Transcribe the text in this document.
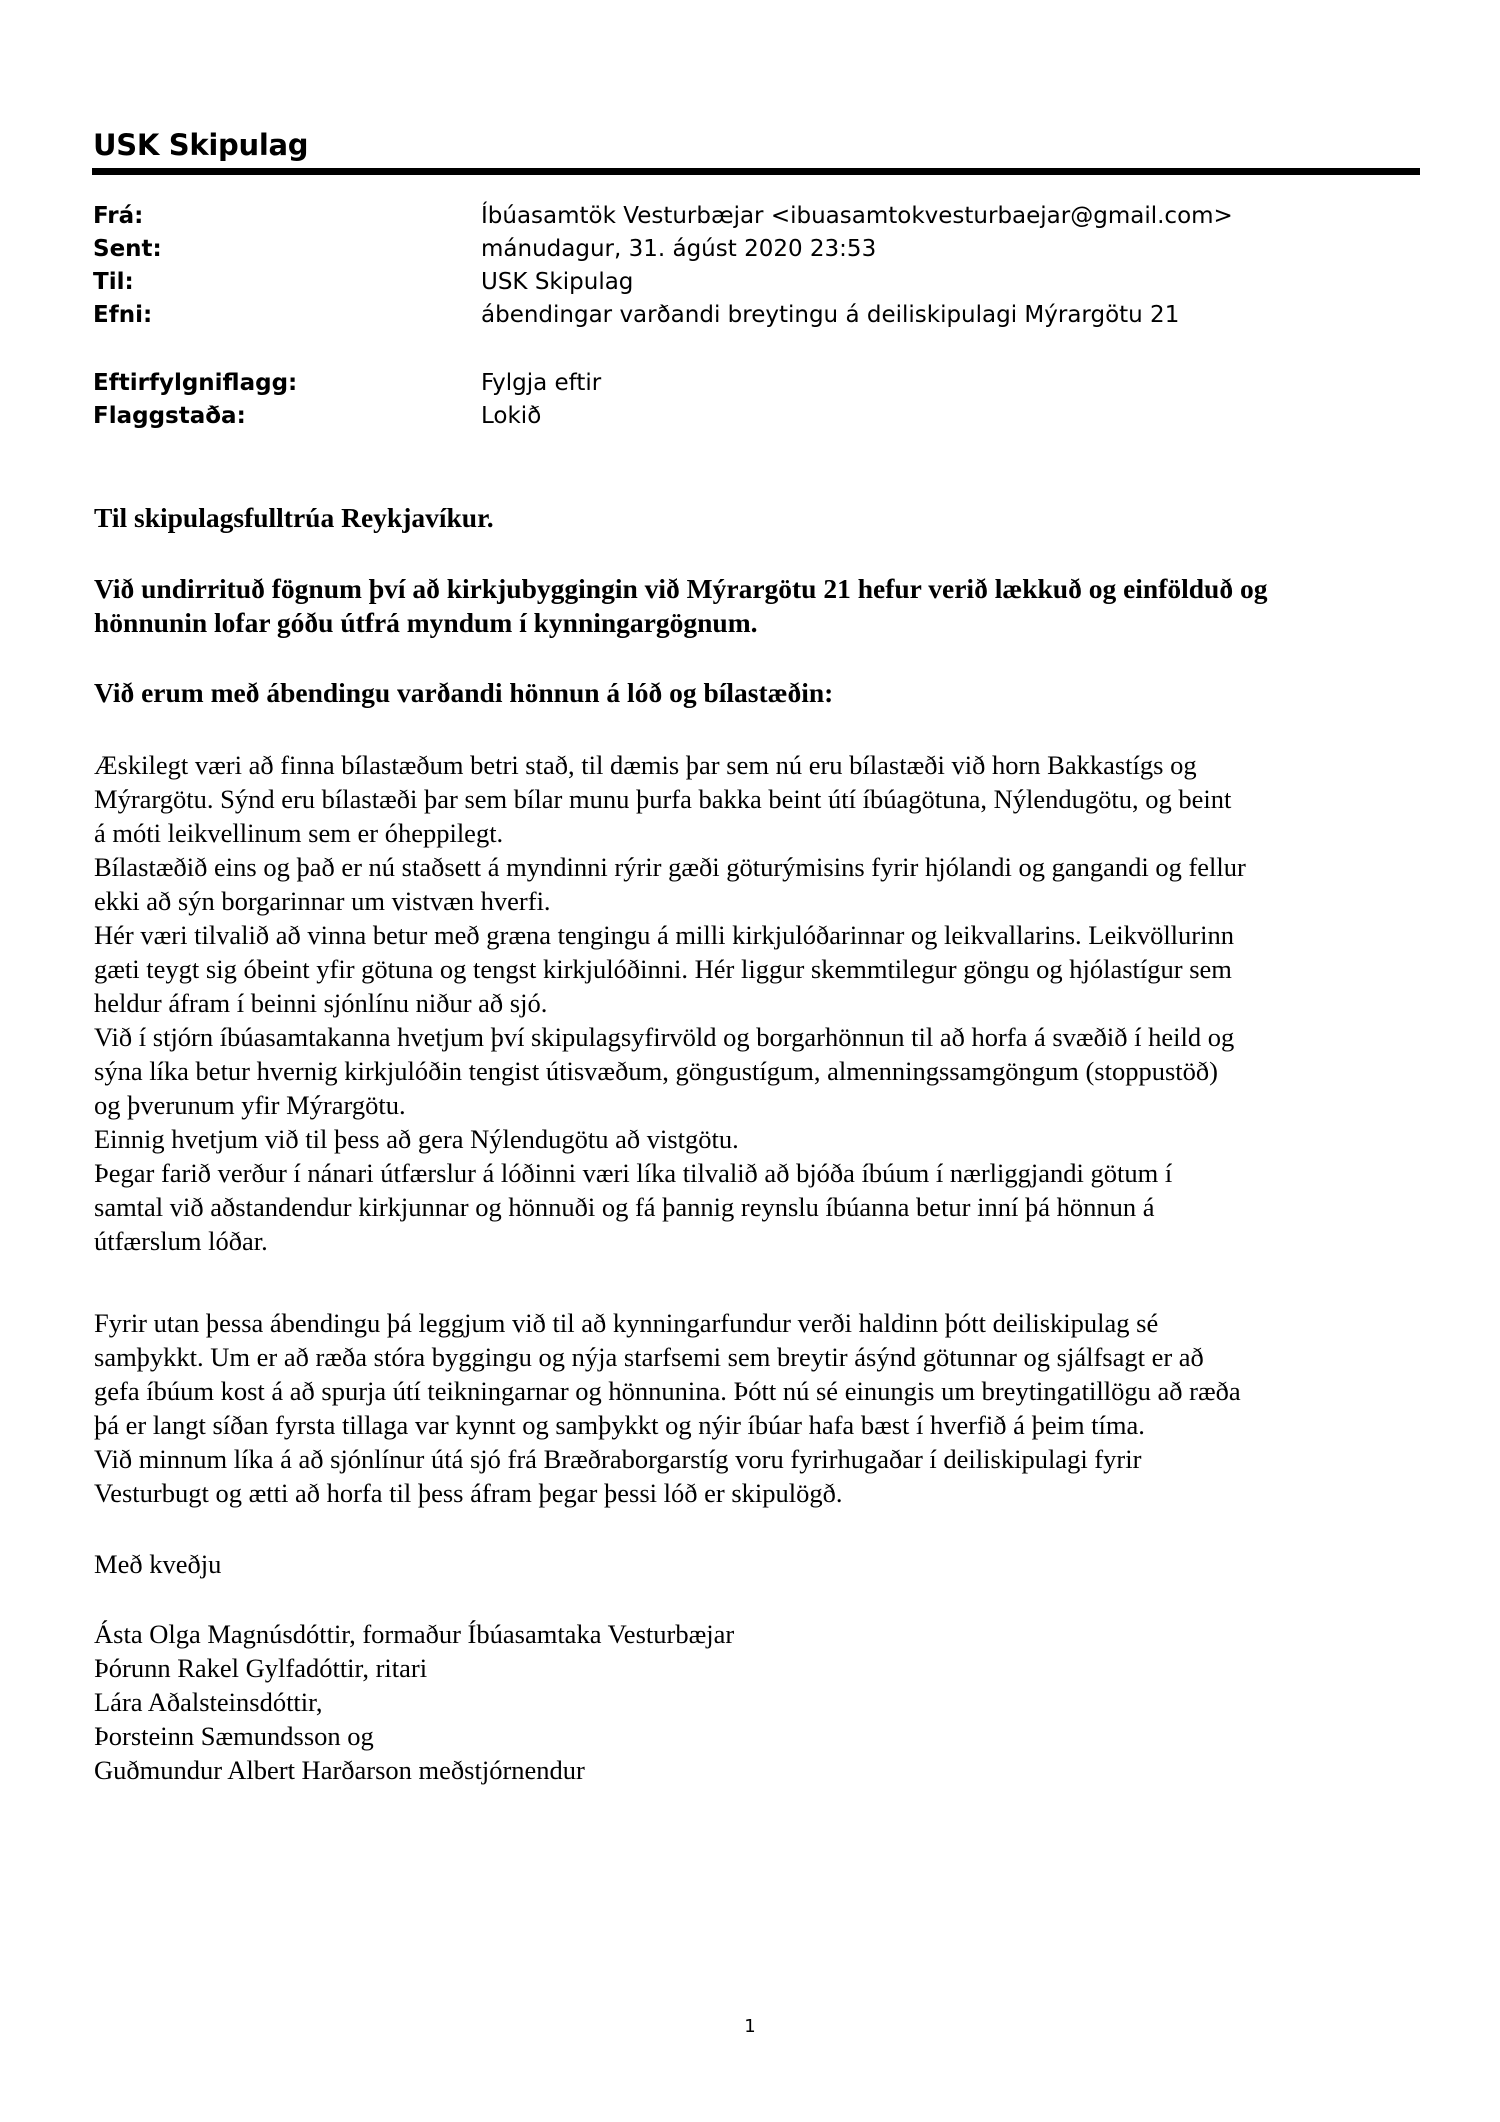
USK Skipulag
Frá:	Íbúasamtök Vesturbæjar <ibuasamtokvesturbaejar@gmail.com>
Sent:	mánudagur, 31. ágúst 2020 23:53
Til:	USK Skipulag
Efni:	ábendingar varðandi breytingu á deiliskipulagi Mýrargötu 21
Eftirfylgniflagg:	Fylgja eftir
Flaggstaða:	Lokið
Til skipulagsfulltrúa Reykjavíkur.
Við undirrituð fögnum því að kirkjubyggingin við Mýrargötu 21 hefur verið lækkuð og einfölduð og
hönnunin lofar góðu útfrá myndum í kynningargögnum.
Við erum með ábendingu varðandi hönnun á lóð og bílastæðin:
Æskilegt væri að finna bílastæðum betri stað, til dæmis þar sem nú eru bílastæði við horn Bakkastígs og
Mýrargötu. Sýnd eru bílastæði þar sem bílar munu þurfa bakka beint útí íbúagötuna, Nýlendugötu, og beint
á móti leikvellinum sem er óheppilegt.
Bílastæðið eins og það er nú staðsett á myndinni rýrir gæði göturýmisins fyrir hjólandi og gangandi og fellur
ekki að sýn borgarinnar um vistvæn hverfi.
Hér væri tilvalið að vinna betur með græna tengingu á milli kirkjulóðarinnar og leikvallarins. Leikvöllurinn
gæti teygt sig óbeint yfir götuna og tengst kirkjulóðinni. Hér liggur skemmtilegur göngu og hjólastígur sem
heldur áfram í beinni sjónlínu niður að sjó.
Við í stjórn íbúasamtakanna hvetjum því skipulagsyfirvöld og borgarhönnun til að horfa á svæðið í heild og
sýna líka betur hvernig kirkjulóðin tengist útisvæðum, göngustígum, almenningssamgöngum (stoppustöð)
og þverunum yfir Mýrargötu.
Einnig hvetjum við til þess að gera Nýlendugötu að vistgötu.
Þegar farið verður í nánari útfærslur á lóðinni væri líka tilvalið að bjóða íbúum í nærliggjandi götum í
samtal við aðstandendur kirkjunnar og hönnuði og fá þannig reynslu íbúanna betur inní þá hönnun á
útfærslum lóðar.
Fyrir utan þessa ábendingu þá leggjum við til að kynningarfundur verði haldinn þótt deiliskipulag sé
samþykkt. Um er að ræða stóra byggingu og nýja starfsemi sem breytir ásýnd götunnar og sjálfsagt er að
gefa íbúum kost á að spurja útí teikningarnar og hönnunina. Þótt nú sé einungis um breytingatillögu að ræða
þá er langt síðan fyrsta tillaga var kynnt og samþykkt og nýir íbúar hafa bæst í hverfið á þeim tíma.
Við minnum líka á að sjónlínur útá sjó frá Bræðraborgarstíg voru fyrirhugaðar í deiliskipulagi fyrir
Vesturbugt og ætti að horfa til þess áfram þegar þessi lóð er skipulögð.
Með kveðju
Ásta Olga Magnúsdóttir, formaður Íbúasamtaka Vesturbæjar
Þórunn Rakel Gylfadóttir, ritari
Lára Aðalsteinsdóttir,
Þorsteinn Sæmundsson og
Guðmundur Albert Harðarson meðstjórnendur
1
